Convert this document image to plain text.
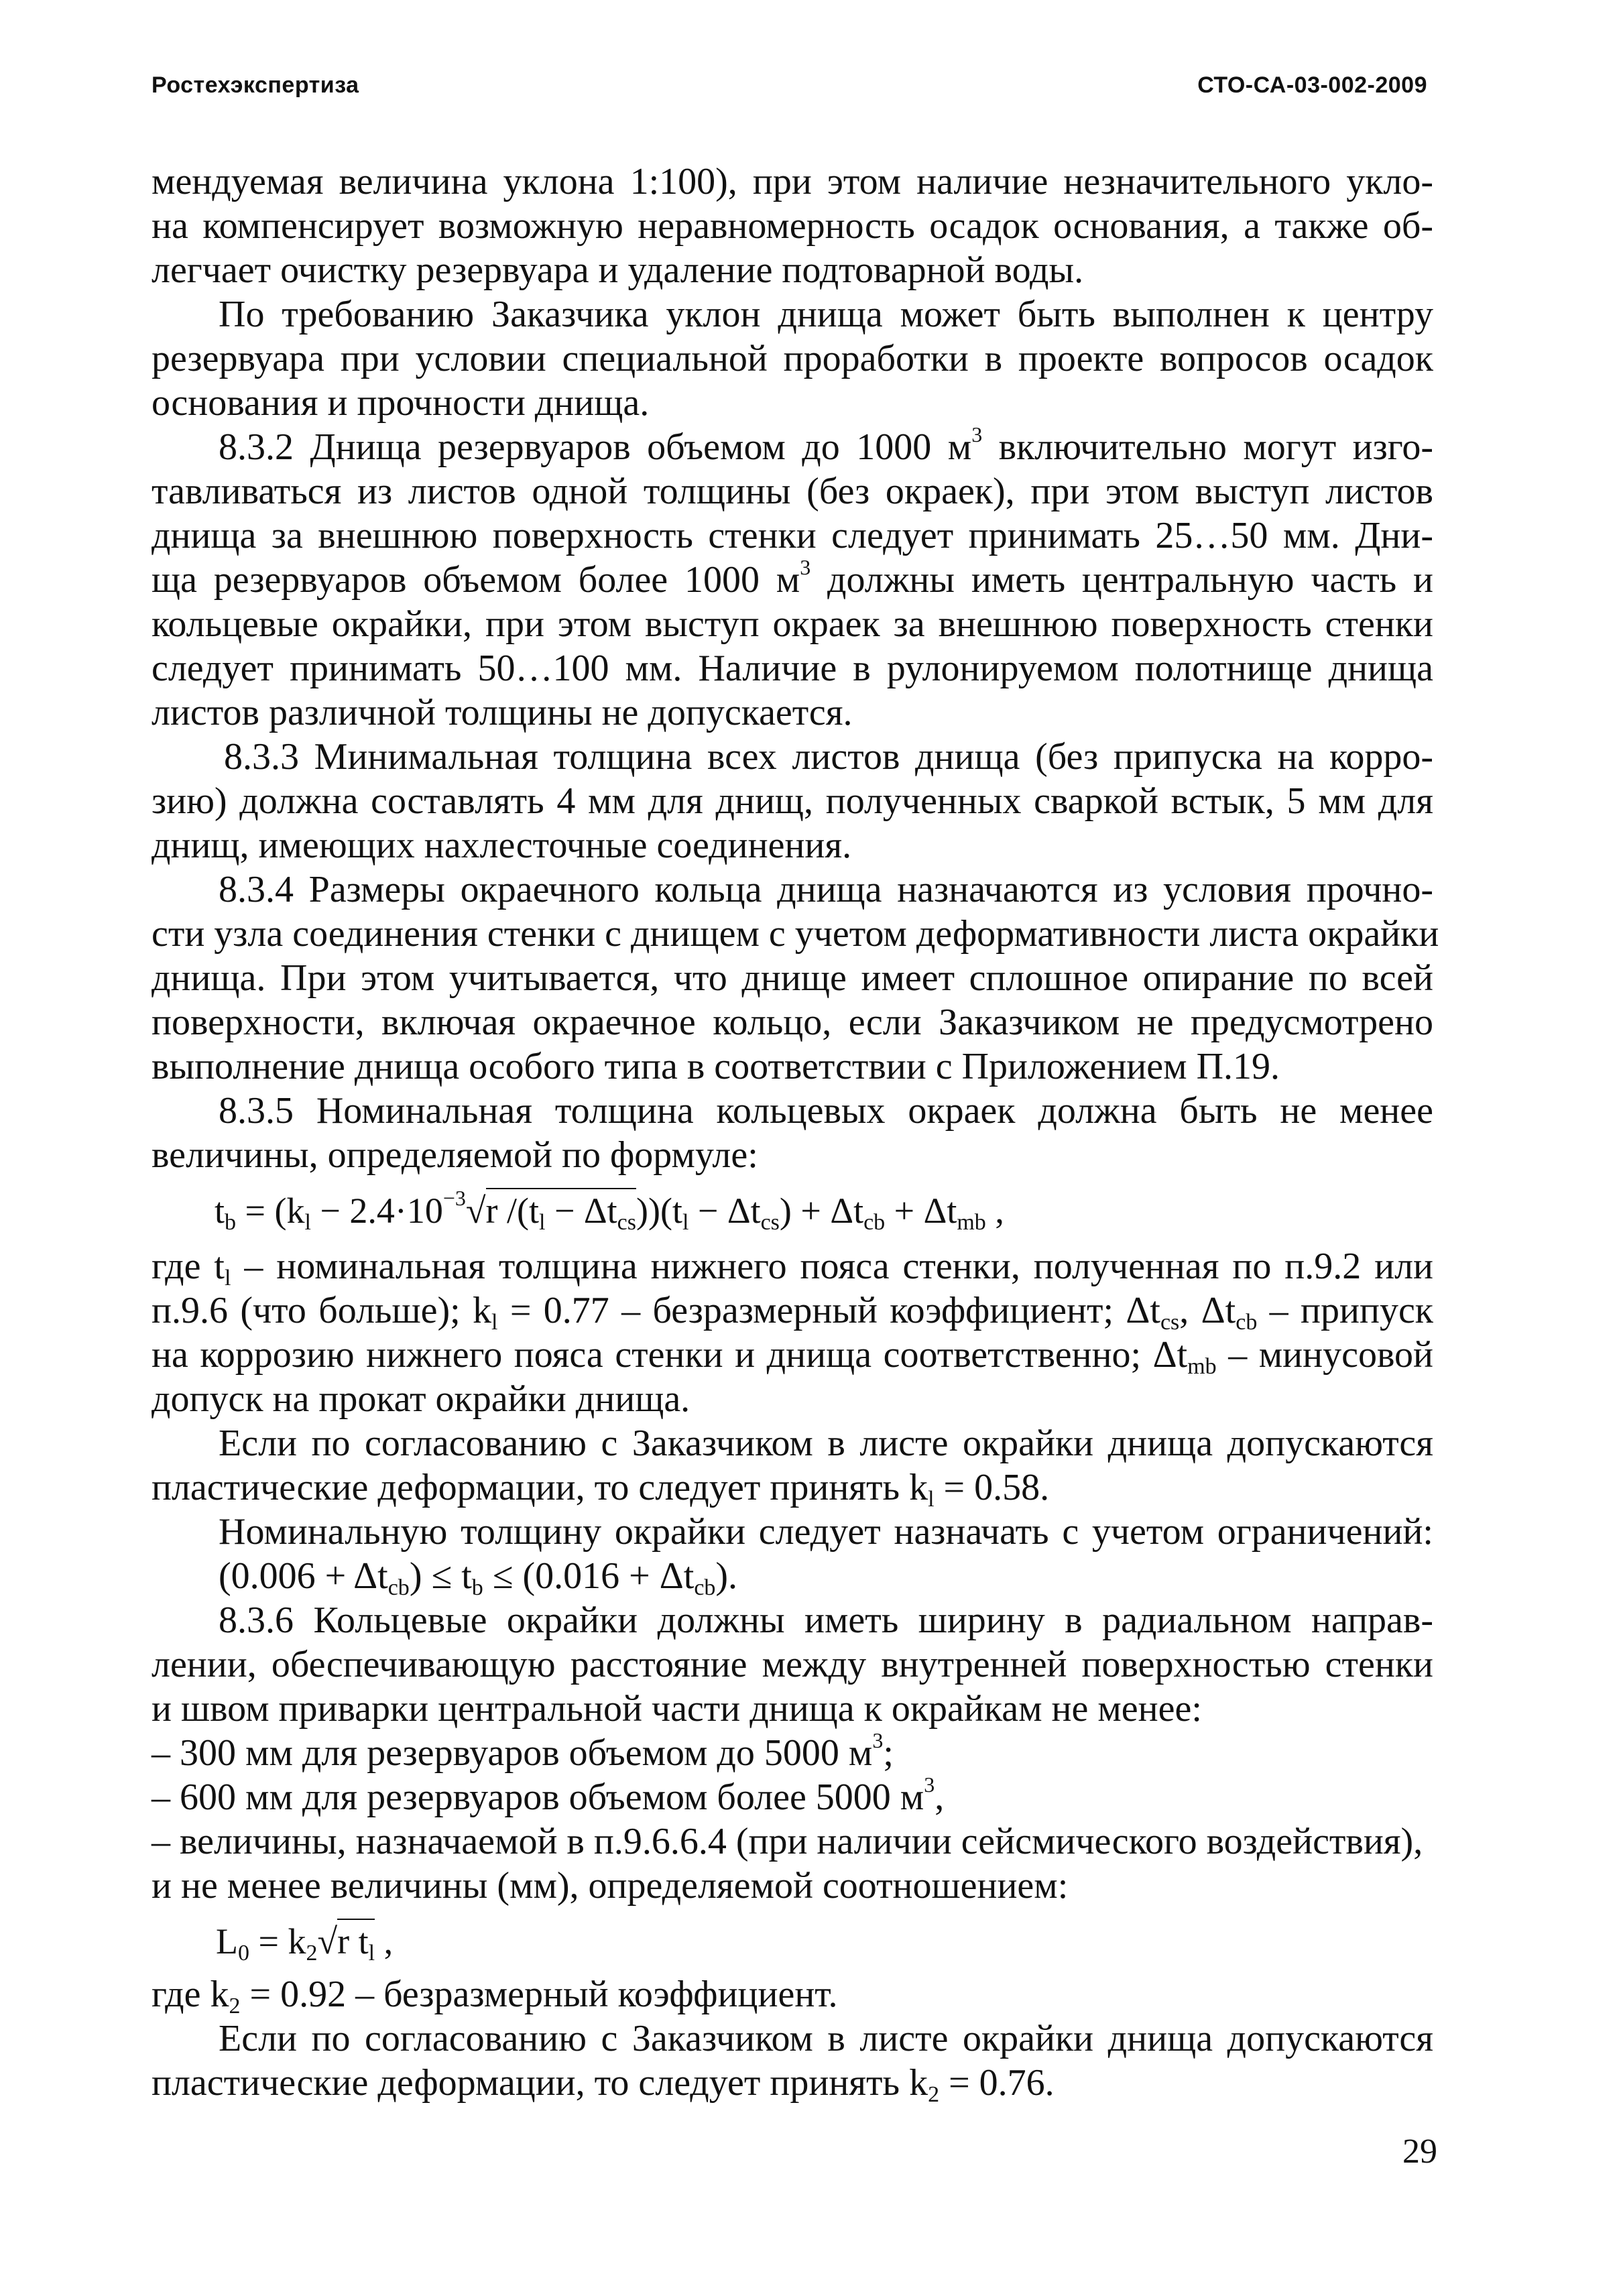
Ростехэкспертиза	СТО-СА-03-002-2009
мендуемая величина уклона 1:100), при этом наличие незначительного укло-
на компенсирует возможную неравномерность осадок основания, а также об-
легчает очистку резервуара и удаление подтоварной воды.
По требованию Заказчика уклон днища может быть выполнен к центру
резервуара при условии специальной проработки в проекте вопросов осадок
основания и прочности днища.
8.3.2 Днища резервуаров объемом до 1000 $м^3$ включительно могут изго-
тавливаться из листов одной толщины (без окраек), при этом выступ листов
днища за внешнюю поверхность стенки следует принимать 25…50 мм. Дни-
ща резервуаров объемом более 1000 $м^3$ должны иметь центральную часть и
кольцевые окрайки, при этом выступ окраек за внешнюю поверхность стенки
следует принимать 50…100 мм. Наличие в рулонируемом полотнище днища
листов различной толщины не допускается.
8.3.3 Минимальная толщина всех листов днища (без припуска на корро-
зию) должна составлять 4 мм для днищ, полученных сваркой встык, 5 мм для
днищ, имеющих нахлесточные соединения.
8.3.4 Размеры окраечного кольца днища назначаются из условия прочно-
сти узла соединения стенки с днищем с учетом деформативности листа окрайки
днища. При этом учитывается, что днище имеет сплошное опирание по всей
поверхности, включая окраечное кольцо, если Заказчиком не предусмотрено
выполнение днища особого типа в соответствии с Приложением П.19.
8.3.5 Номинальная толщина кольцевых окраек должна быть не менее
величины, определяемой по формуле:
$t_b = (k_l - 2.4\cdot 10^{-3}√r$ $/(t_l - \Delta t_{cs}))(t_l - \Delta t_{cs}) + \Delta t_{cb} + \Delta t_{mb}$ ,
где $t_l$ – номинальная толщина нижнего пояса стенки, полученная по п.9.2 или
п.9.6 (что больше); $k_l = 0.77$ – безразмерный коэффициент; $\Delta t_{cs}$, $\Delta t_{cb}$ – припуск
на коррозию нижнего пояса стенки и днища соответственно; $\Delta t_{mb}$ – минусовой
допуск на прокат окрайки днища.
Если по согласованию с Заказчиком в листе окрайки днища допускаются
пластические деформации, то следует принять $k_l = 0.58$.
Номинальную толщину окрайки следует назначать с учетом ограничений:
$(0.006 + \Delta t_{cb}) \le t_b \le (0.016 + \Delta t_{cb})$.
8.3.6 Кольцевые окрайки должны иметь ширину в радиальном направ-
лении, обеспечивающую расстояние между внутренней поверхностью стенки
и швом приварки центральной части днища к окрайкам не менее:
– 300 мм для резервуаров объемом до 5000 $м^3$;
– 600 мм для резервуаров объемом более 5000 $м^3$,
– величины, назначаемой в п.9.6.6.4 (при наличии сейсмического воздействия),
и не менее величины (мм), определяемой соотношением:
$L_0 = k_2√r$ $t_l$ ,
где $k_2 = 0.92$ – безразмерный коэффициент.
Если по согласованию с Заказчиком в листе окрайки днища допускаются
пластические деформации, то следует принять $k_2 = 0.76$.
29
